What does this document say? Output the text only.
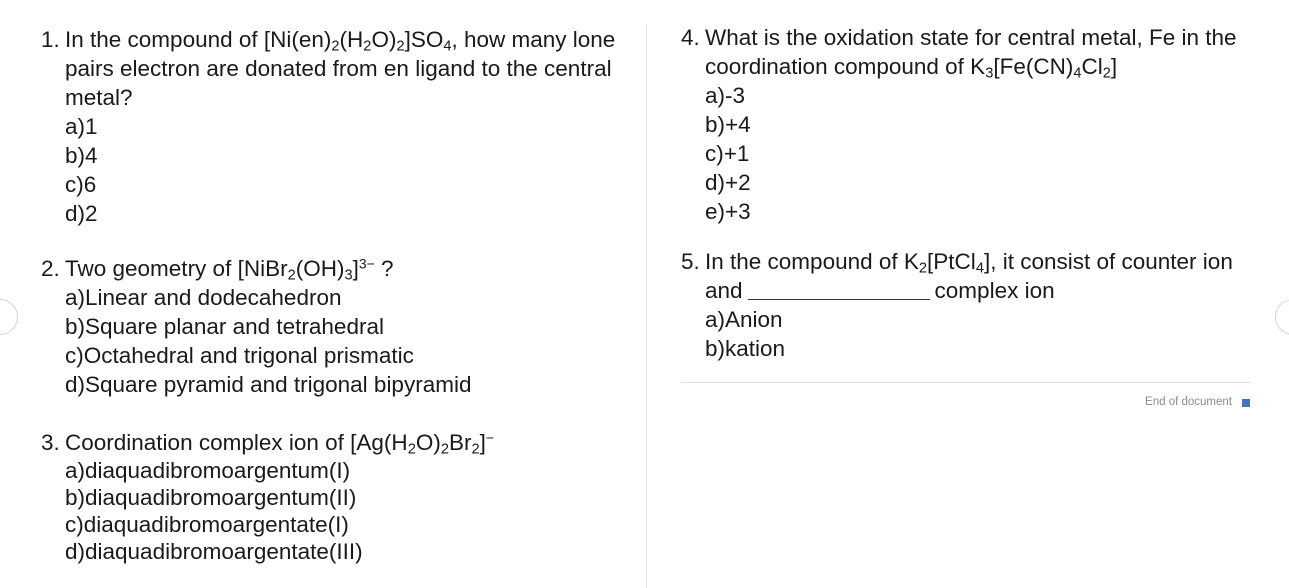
1. In the compound of $[Ni(en)_2(H_2O)_2]SO_4$, how many lone pairs electron are donated from en ligand to the central metal?
a)1
b)4
c)6
d)2
2. Two geometry of $[NiBr_2(OH)_3]^{3-}$ ?
a)Linear and dodecahedron
b)Square planar and tetrahedral
c)Octahedral and trigonal prismatic
d)Square pyramid and trigonal bipyramid
3. Coordination complex ion of $[Ag(H_2O)_2Br_2]^-$
a)diaquadibromoargentum(I)
b)diaquadibromoargentum(II)
c)diaquadibromoargentate(I)
d)diaquadibromoargentate(III)
4. What is the oxidation state for central metal, Fe in the coordination compound of $K_3[Fe(CN)_4Cl_2]$
a)-3
b)+4
c)+1
d)+2
e)+3
5. In the compound of $K_2[PtCl_4]$, it consist of counter ion and	complex ion
a)Anion
b)kation
End of document
